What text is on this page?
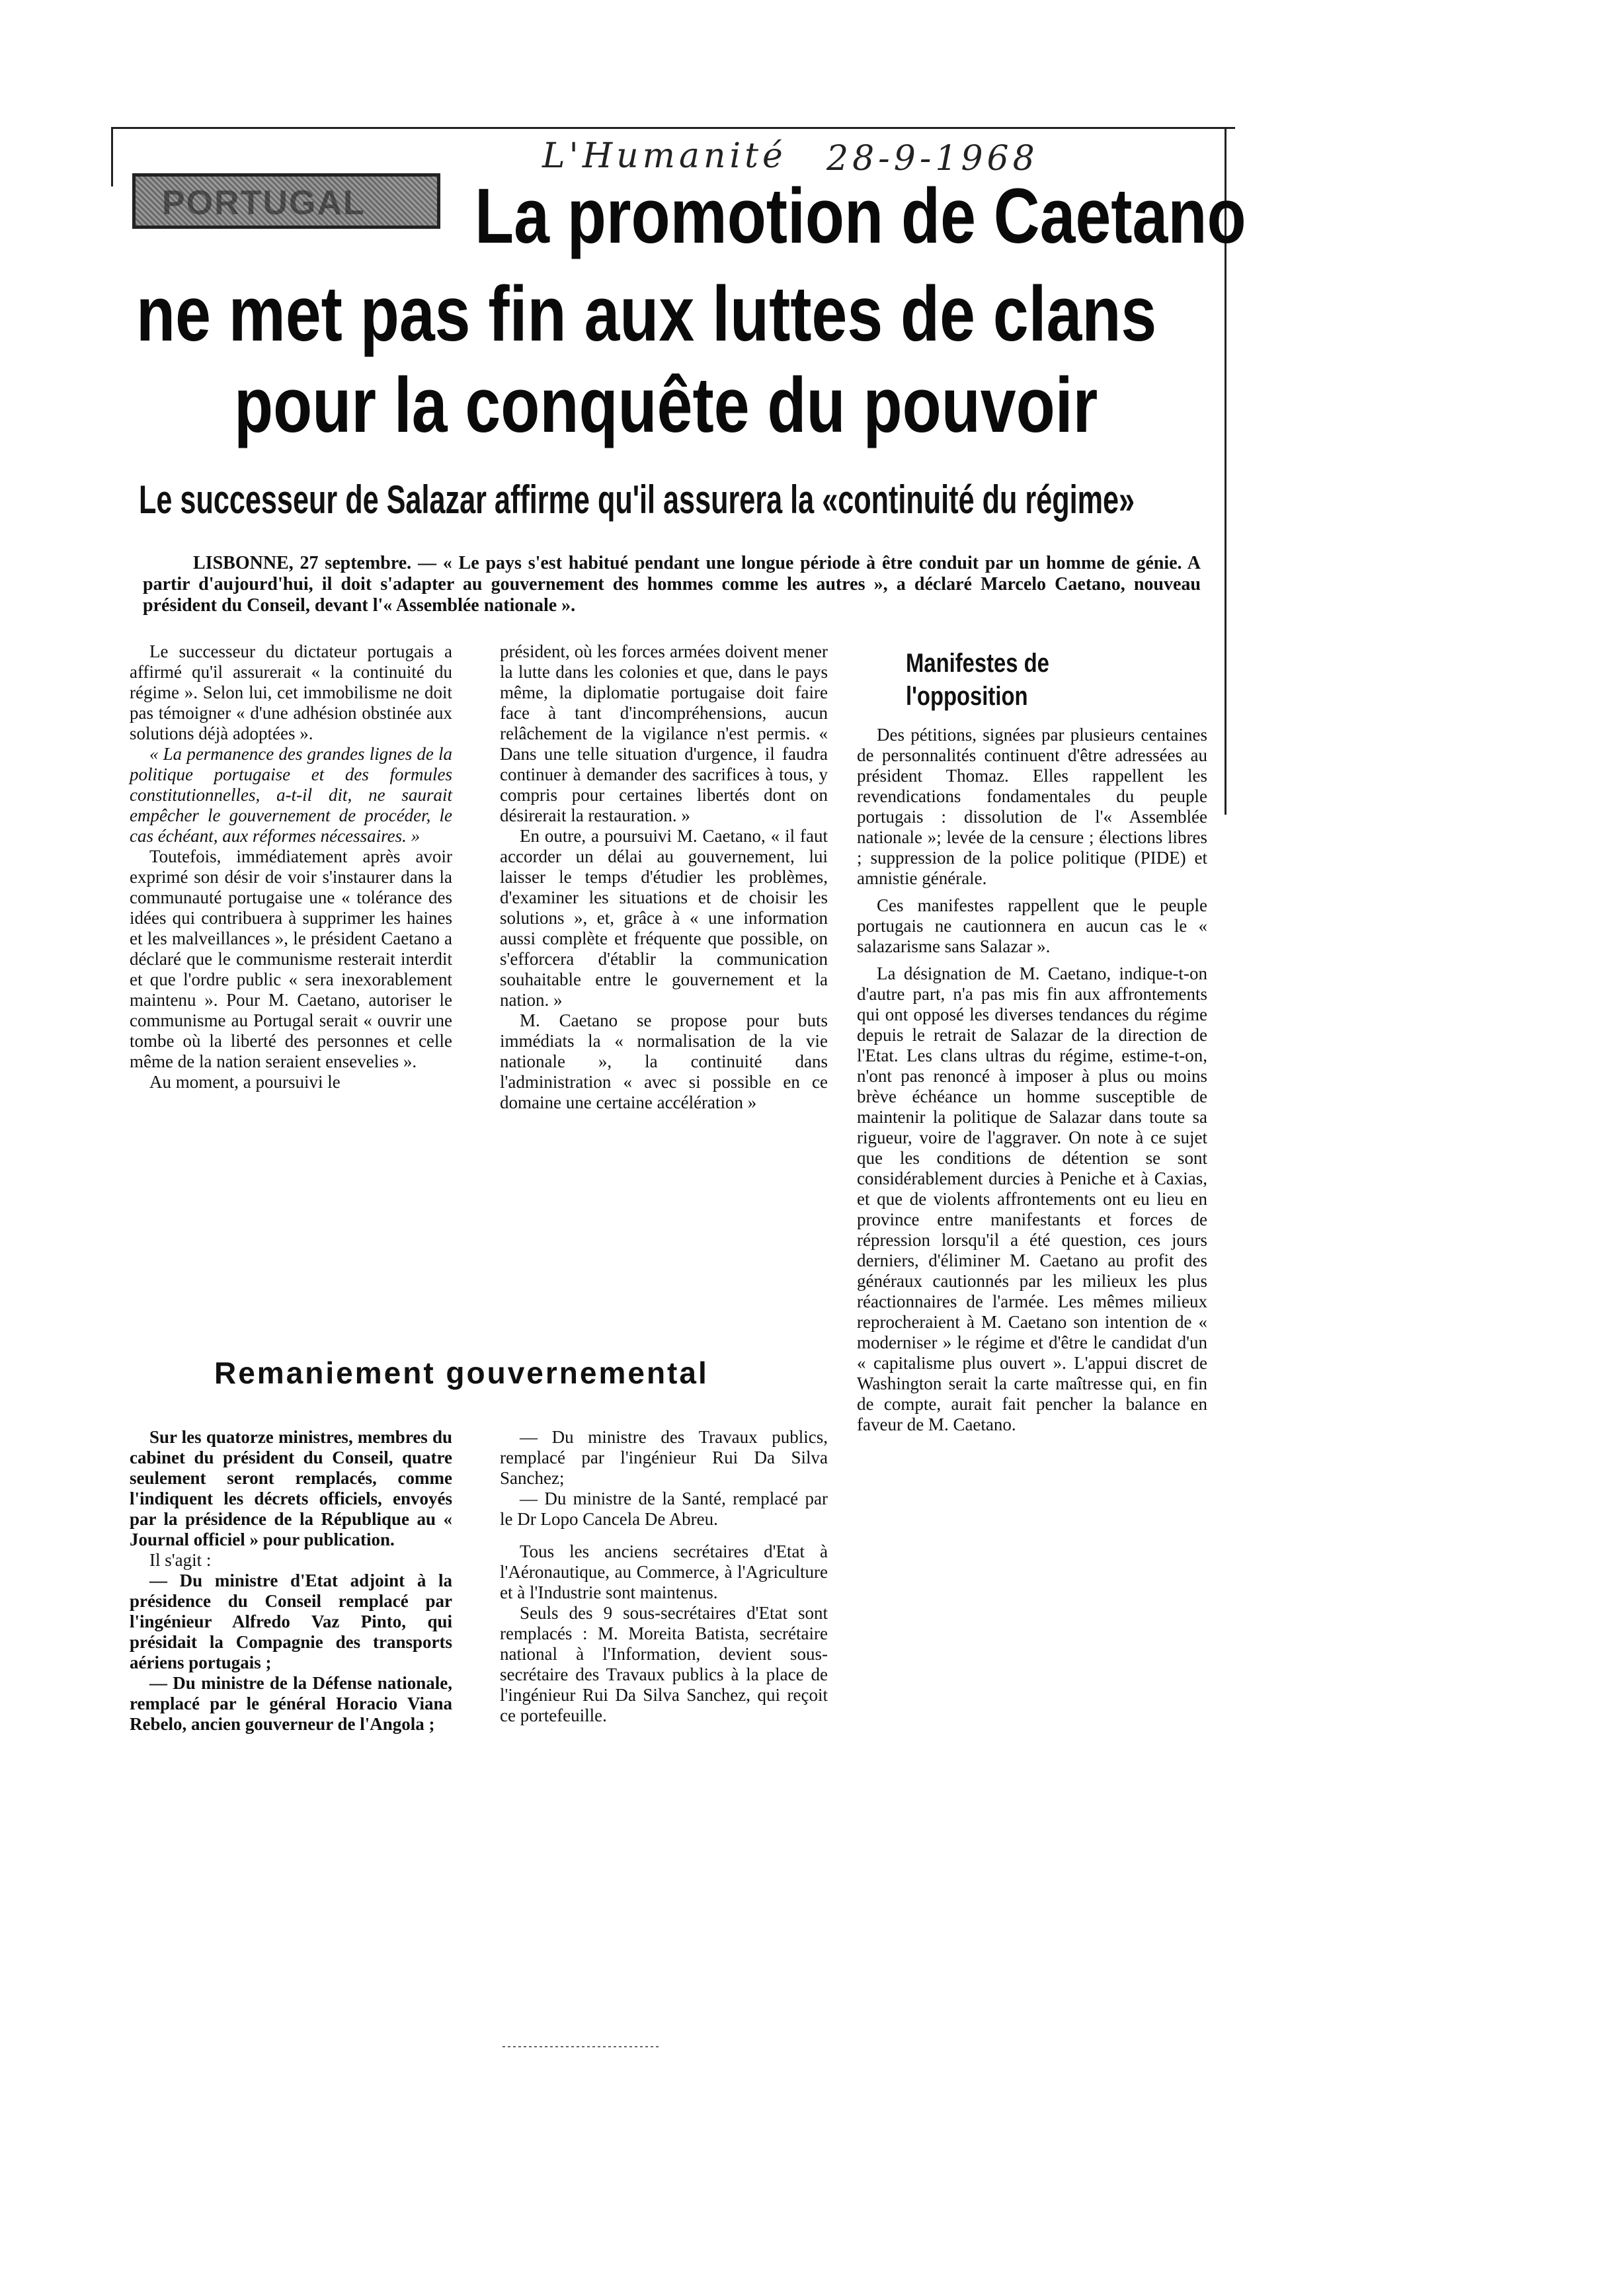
L'Humanité 28-9-1968
PORTUGAL La promotion de Caetano
ne met pas fin aux luttes de clans
pour la conquête du pouvoir
Le successeur de Salazar affirme qu'il assurera la «continuité du régime»

LISBONNE, 27 septembre. — « Le pays s'est habitué pendant une longue période à être conduit par un homme de génie. A partir d'aujourd'hui, il doit s'adapter au gouvernement des hommes comme les autres », a déclaré Marcelo Caetano, nouveau président du Conseil, devant l'« Assemblée nationale ».

Le successeur du dictateur portugais a affirmé qu'il assurerait « la continuité du régime ». Selon lui, cet immobilisme ne doit pas témoigner « d'une adhésion obstinée aux solutions déjà adoptées ».

« La permanence des grandes lignes de la politique portugaise et des formules constitutionnelles, a-t-il dit, ne saurait empêcher le gouvernement de procéder, le cas échéant, aux réformes nécessaires. »

Toutefois, immédiatement après avoir exprimé son désir de voir s'instaurer dans la communauté portugaise une « tolérance des idées qui contribuera à supprimer les haines et les malveillances », le président Caetano a déclaré que le communisme resterait interdit et que l'ordre public « sera inexorablement maintenu ». Pour M. Caetano, autoriser le communisme au Portugal serait « ouvrir une tombe où la liberté des personnes et celle même de la nation seraient ensevelies ».

Au moment, a poursuivi le

président, où les forces armées doivent mener la lutte dans les colonies et que, dans le pays même, la diplomatie portugaise doit faire face à tant d'incompréhensions, aucun relâchement de la vigilance n'est permis. « Dans une telle situation d'urgence, il faudra continuer à demander des sacrifices à tous, y compris pour certaines libertés dont on désirerait la restauration. »

En outre, a poursuivi M. Caetano, « il faut accorder un délai au gouvernement, lui laisser le temps d'étudier les problèmes, d'examiner les situations et de choisir les solutions », et, grâce à « une information aussi complète et fréquente que possible, on s'efforcera d'établir la communication souhaitable entre le gouvernement et la nation. »

M. Caetano se propose pour buts immédiats la « normalisation de la vie nationale », la continuité dans l'administration « avec si possible en ce domaine une certaine accélération »

Manifestes de l'opposition

Des pétitions, signées par plusieurs centaines de personnalités continuent d'être adressées au président Thomaz. Elles rappellent les revendications fondamentales du peuple portugais : dissolution de l'« Assemblée nationale »; levée de la censure ; élections libres ; suppression de la police politique (PIDE) et amnistie générale.

Ces manifestes rappellent que le peuple portugais ne cautionnera en aucun cas le « salazarisme sans Salazar ».

La désignation de M. Caetano, indique-t-on d'autre part, n'a pas mis fin aux affrontements qui ont opposé les diverses tendances du régime depuis le retrait de Salazar de la direction de l'Etat. Les clans ultras du régime, estime-t-on, n'ont pas renoncé à imposer à plus ou moins brève échéance un homme susceptible de maintenir la politique de Salazar dans toute sa rigueur, voire de l'aggraver. On note à ce sujet que les conditions de détention se sont considérablement durcies à Peniche et à Caxias, et que de violents affrontements ont eu lieu en province entre manifestants et forces de répression lorsqu'il a été question, ces jours derniers, d'éliminer M. Caetano au profit des généraux cautionnés par les milieux les plus réactionnaires de l'armée. Les mêmes milieux reprocheraient à M. Caetano son intention de « moderniser » le régime et d'être le candidat d'un « capitalisme plus ouvert ». L'appui discret de Washington serait la carte maîtresse qui, en fin de compte, aurait fait pencher la balance en faveur de M. Caetano.

Remaniement gouvernemental

Sur les quatorze ministres, membres du cabinet du président du Conseil, quatre seulement seront remplacés, comme l'indiquent les décrets officiels, envoyés par la présidence de la République au « Journal officiel » pour publication.

Il s'agit :

— Du ministre d'Etat adjoint à la présidence du Conseil remplacé par l'ingénieur Alfredo Vaz Pinto, qui présidait la Compagnie des transports aériens portugais ;

— Du ministre de la Défense nationale, remplacé par le général Horacio Viana Rebelo, ancien gouverneur de l'Angola ;

— Du ministre des Travaux publics, remplacé par l'ingénieur Rui Da Silva Sanchez;

— Du ministre de la Santé, remplacé par le Dr Lopo Cancela De Abreu.

Tous les anciens secrétaires d'Etat à l'Aéronautique, au Commerce, à l'Agriculture et à l'Industrie sont maintenus.

Seuls des 9 sous-secrétaires d'Etat sont remplacés : M. Moreita Batista, secrétaire national à l'Information, devient sous-secrétaire des Travaux publics à la place de l'ingénieur Rui Da Silva Sanchez, qui reçoit ce portefeuille.
